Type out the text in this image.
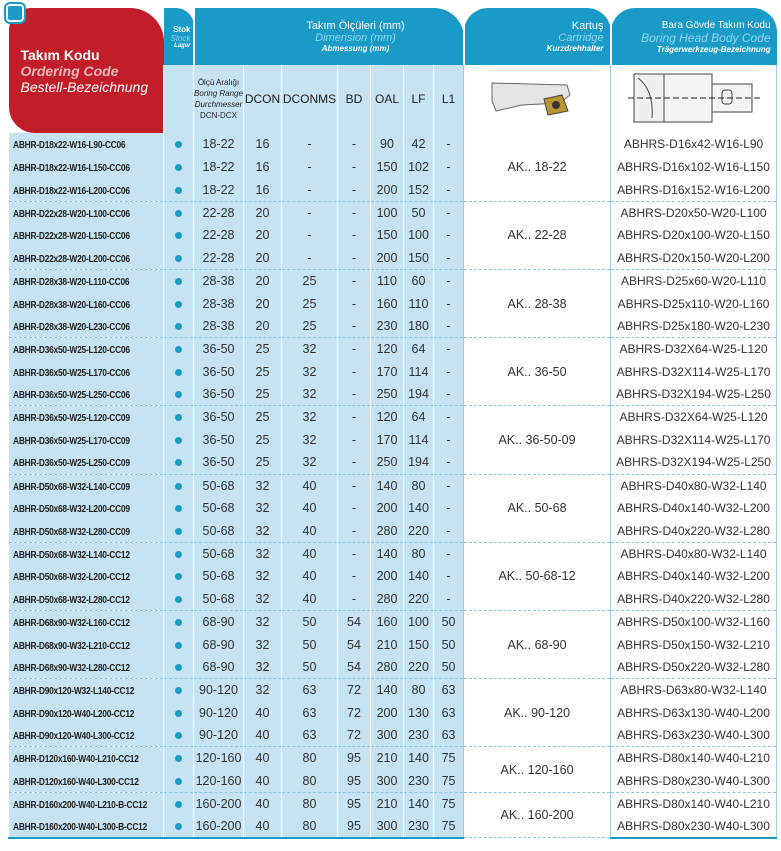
Takım Kodu
Ordering Code
Bestell-Bezeichnung	Stok
Stock
Lager	Takım Ölçüleri (mm)
Dimension (mm)
Abmessung (mm)							Kartuş
Cartridge
Kurzdrehhalter	Bara Gövde Takım Kodu
Boring Head Body Code
Trägerwerkzeug-Bezeichnung

		Ölçü Aralığı
Boring Range
Durchmesser
DCN-DCX	DCON	DCONMS	BD	OAL	LF	L1		
ABHR-D18x22-W16-L90-CC06		18-22	16	-	-	90	42	-	AK.. 18-22	ABHRS-D16x42-W16-L90
ABHR-D18x22-W16-L150-CC06		18-22	16	-	-	150	102	-		ABHRS-D16x102-W16-L150
ABHR-D18x22-W16-L200-CC06		18-22	16	-	-	200	152	-		ABHRS-D16x152-W16-L200
ABHR-D22x28-W20-L100-CC06		22-28	20	-	-	100	50	-	AK.. 22-28	ABHRS-D20x50-W20-L100
ABHR-D22x28-W20-L150-CC06		22-28	20	-	-	150	100	-		ABHRS-D20x100-W20-L150
ABHR-D22x28-W20-L200-CC06		22-28	20	-	-	200	150	-		ABHRS-D20x150-W20-L200
ABHR-D28x38-W20-L110-CC06		28-38	20	25	-	110	60	-	AK.. 28-38	ABHRS-D25x60-W20-L110
ABHR-D28x38-W20-L160-CC06		28-38	20	25	-	160	110	-		ABHRS-D25x110-W20-L160
ABHR-D28x38-W20-L230-CC06		28-38	20	25	-	230	180	-		ABHRS-D25x180-W20-L230
ABHR-D36x50-W25-L120-CC06		36-50	25	32	-	120	64	-	AK.. 36-50	ABHRS-D32X64-W25-L120
ABHR-D36x50-W25-L170-CC06		36-50	25	32	-	170	114	-		ABHRS-D32X114-W25-L170
ABHR-D36x50-W25-L250-CC06		36-50	25	32	-	250	194	-		ABHRS-D32X194-W25-L250
ABHR-D36x50-W25-L120-CC09		36-50	25	32	-	120	64	-	AK.. 36-50-09	ABHRS-D32X64-W25-L120
ABHR-D36x50-W25-L170-CC09		36-50	25	32	-	170	114	-		ABHRS-D32X114-W25-L170
ABHR-D36x50-W25-L250-CC09		36-50	25	32	-	250	194	-		ABHRS-D32X194-W25-L250
ABHR-D50x68-W32-L140-CC09		50-68	32	40	-	140	80	-	AK.. 50-68	ABHRS-D40x80-W32-L140
ABHR-D50x68-W32-L200-CC09		50-68	32	40	-	200	140	-		ABHRS-D40x140-W32-L200
ABHR-D50x68-W32-L280-CC09		50-68	32	40	-	280	220	-		ABHRS-D40x220-W32-L280
ABHR-D50x68-W32-L140-CC12		50-68	32	40	-	140	80	-	AK.. 50-68-12	ABHRS-D40x80-W32-L140
ABHR-D50x68-W32-L200-CC12		50-68	32	40	-	200	140	-		ABHRS-D40x140-W32-L200
ABHR-D50x68-W32-L280-CC12		50-68	32	40	-	280	220	-		ABHRS-D40x220-W32-L280
ABHR-D68x90-W32-L160-CC12		68-90	32	50	54	160	100	50	AK.. 68-90	ABHRS-D50x100-W32-L160
ABHR-D68x90-W32-L210-CC12		68-90	32	50	54	210	150	50		ABHRS-D50x150-W32-L210
ABHR-D68x90-W32-L280-CC12		68-90	32	50	54	280	220	50		ABHRS-D50x220-W32-L280
ABHR-D90x120-W32-L140-CC12		90-120	32	63	72	140	80	63	AK.. 90-120	ABHRS-D63x80-W32-L140
ABHR-D90x120-W40-L200-CC12		90-120	40	63	72	200	130	63		ABHRS-D63x130-W40-L200
ABHR-D90x120-W40-L300-CC12		90-120	40	63	72	300	230	63		ABHRS-D63x230-W40-L300
ABHR-D120x160-W40-L210-CC12		120-160	40	80	95	210	140	75	AK.. 120-160	ABHRS-D80x140-W40-L210
ABHR-D120x160-W40-L300-CC12		120-160	40	80	95	300	230	75		ABHRS-D80x230-W40-L300
ABHR-D160x200-W40-L210-B-CC12		160-200	40	80	95	210	140	75	AK.. 160-200	ABHRS-D80x140-W40-L210
ABHR-D160x200-W40-L300-B-CC12		160-200	40	80	95	300	230	75		ABHRS-D80x230-W40-L300
